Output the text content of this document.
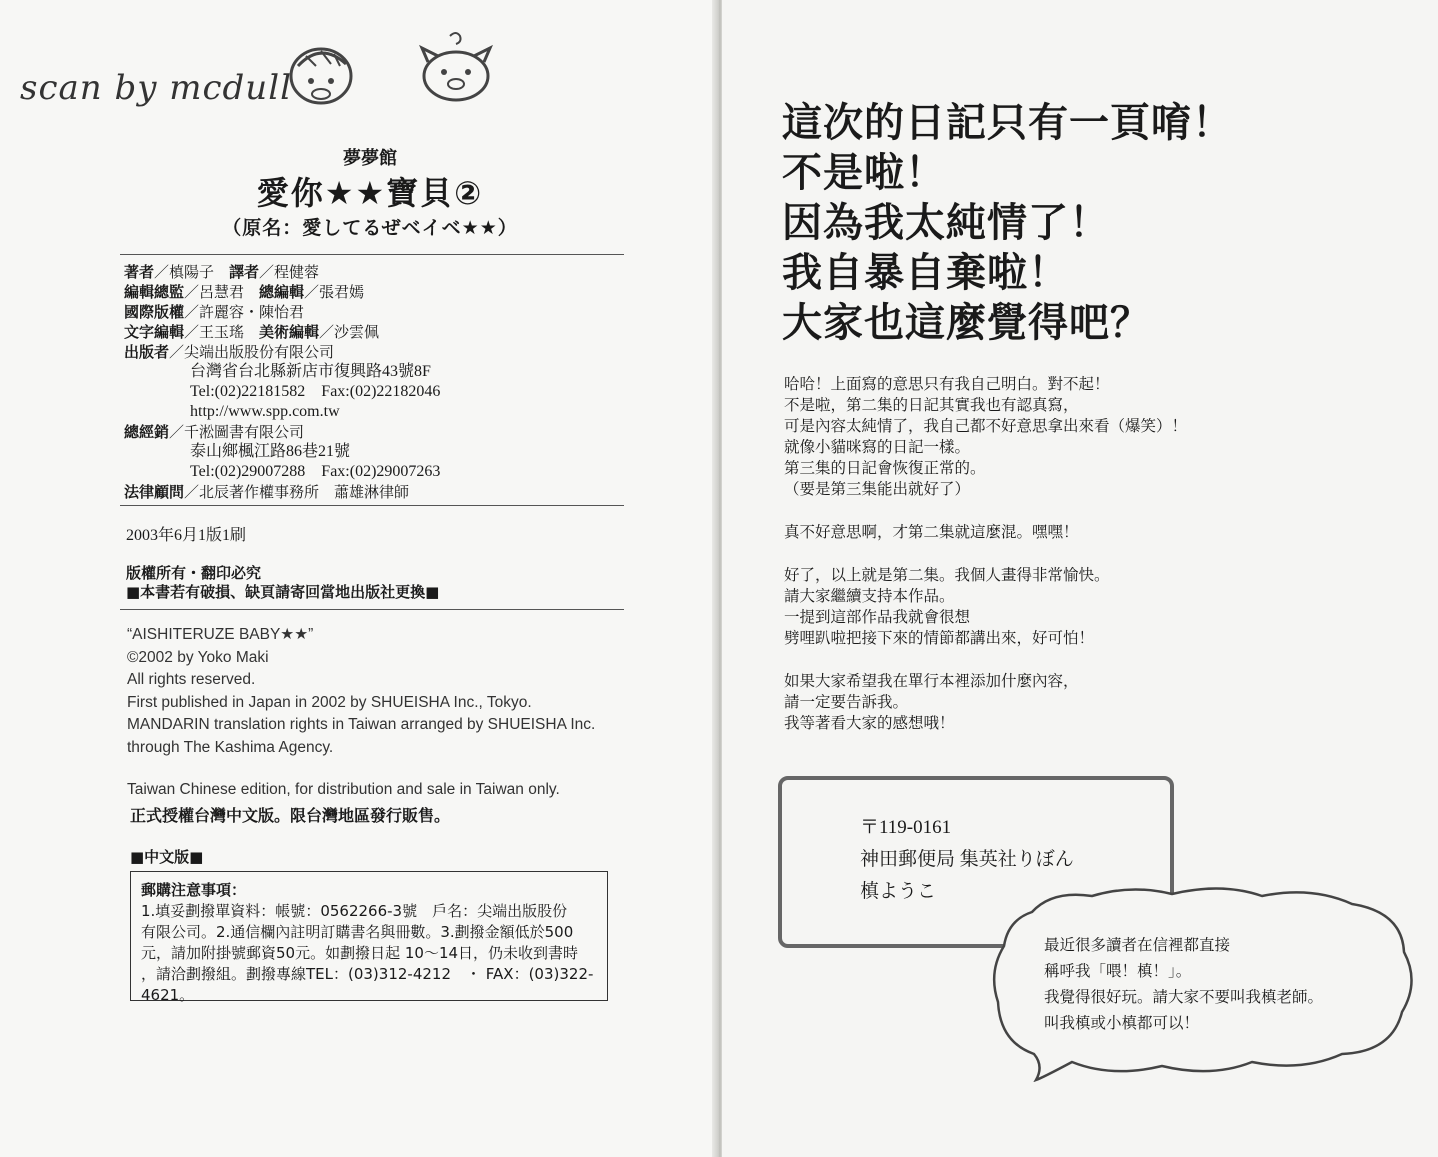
scan by mcdull
夢夢館
愛你★★寶貝②
（原名：愛してるぜベイベ★★）
著者／槙陽子　譯者／程健蓉
編輯總監／呂慧君　總編輯／張君嫣
國際版權／許麗容・陳怡君
文字編輯／王玉瑤　美術編輯／沙雲佩
出版者／尖端出版股份有限公司
台灣省台北縣新店市復興路43號8F
Tel:(02)22181582　Fax:(02)22182046
http://www.spp.com.tw
總經銷／千淞圖書有限公司
泰山鄉楓江路86巷21號
Tel:(02)29007288　Fax:(02)29007263
法律顧問／北辰著作權事務所　蕭雄淋律師
2003年6月1版1刷
版權所有・翻印必究
■本書若有破損、缺頁請寄回當地出版社更換■
“AISHITERUZE BABY★★”
©2002 by Yoko Maki
All rights reserved.
First published in Japan in 2002 by SHUEISHA Inc., Tokyo.
MANDARIN translation rights in Taiwan arranged by SHUEISHA Inc.
through The Kashima Agency.
Taiwan Chinese edition, for distribution and sale in Taiwan only.
正式授權台灣中文版。限台灣地區發行販售。
■中文版■
郵購注意事項：
1.填妥劃撥單資料：帳號：0562266-3號　戶名：尖端出版股份
有限公司。2.通信欄內註明訂購書名與冊數。3.劃撥金額低於500
元，請加附掛號郵資50元。如劃撥日起 10～14日，仍未收到書時
，請洽劃撥組。劃撥專線TEL：(03)312-4212　・ FAX：(03)322-
4621。
這次的日記只有一頁唷！
不是啦！
因為我太純情了！
我自暴自棄啦！
大家也這麼覺得吧？
哈哈！上面寫的意思只有我自己明白。對不起！
不是啦，第二集的日記其實我也有認真寫，
可是內容太純情了，我自己都不好意思拿出來看（爆笑）！
就像小貓咪寫的日記一樣。
第三集的日記會恢復正常的。
（要是第三集能出就好了）
真不好意思啊，才第二集就這麼混。嘿嘿！
好了，以上就是第二集。我個人畫得非常愉快。
請大家繼續支持本作品。
一提到這部作品我就會很想
劈哩趴啦把接下來的情節都講出來，好可怕！
如果大家希望我在單行本裡添加什麼內容，
請一定要告訴我。
我等著看大家的感想哦！
〒119-0161
神田郵便局 集英社りぼん
槙ようこ
最近很多讀者在信裡都直接
稱呼我「喂！槙！」。
我覺得很好玩。請大家不要叫我槙老師。
叫我槙或小槙都可以！
